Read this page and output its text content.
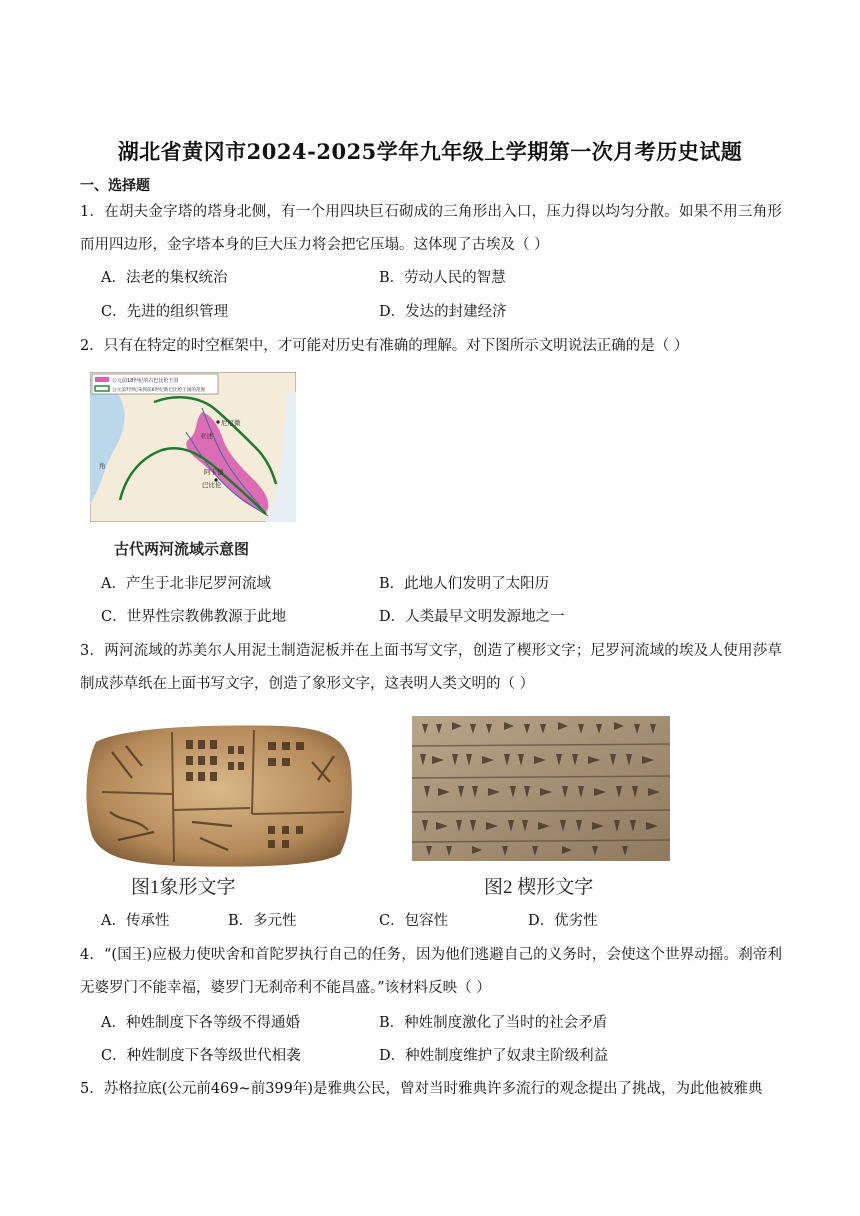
湖北省黄冈市2024-2025学年九年级上学期第一次月考历史试题
一、选择题
1．在胡夫金字塔的塔身北侧，有一个用四块巨石砌成的三角形出入口，压力得以均匀分散。如果不用三角形而用四边形，金字塔本身的巨大压力将会把它压塌。这体现了古埃及（ ）
A．法老的集权统治	B．劳动人民的智慧
C．先进的组织管理	D．发达的封建经济
2．只有在特定的时空框架中，才可能对历史有准确的理解。对下图所示文明说法正确的是（ ）
公元前18世纪的古巴比伦王国
公元前7世纪末到前6世纪新巴比伦王国的范围
尼尼微
亚述
阿卡德
巴比伦
角
古代两河流域示意图
A．产生于北非尼罗河流域	B．此地人们发明了太阳历
C．世界性宗教佛教源于此地	D．人类最早文明发源地之一
3．两河流域的苏美尔人用泥土制造泥板并在上面书写文字，创造了楔形文字；尼罗河流域的埃及人使用莎草制成莎草纸在上面书写文字，创造了象形文字，这表明人类文明的（ ）
图1象形文字	图2 楔形文字
A．传承性	B．多元性	C．包容性	D．优劣性
4．“(国王)应极力使吠舍和首陀罗执行自己的任务，因为他们逃避自己的义务时，会使这个世界动摇。刹帝利无婆罗门不能幸福，婆罗门无刹帝利不能昌盛。”该材料反映（ ）
A．种姓制度下各等级不得通婚	B．种姓制度激化了当时的社会矛盾
C．种姓制度下各等级世代相袭	D．种姓制度维护了奴隶主阶级利益
5．苏格拉底(公元前469~前399年)是雅典公民，曾对当时雅典许多流行的观念提出了挑战，为此他被雅典
